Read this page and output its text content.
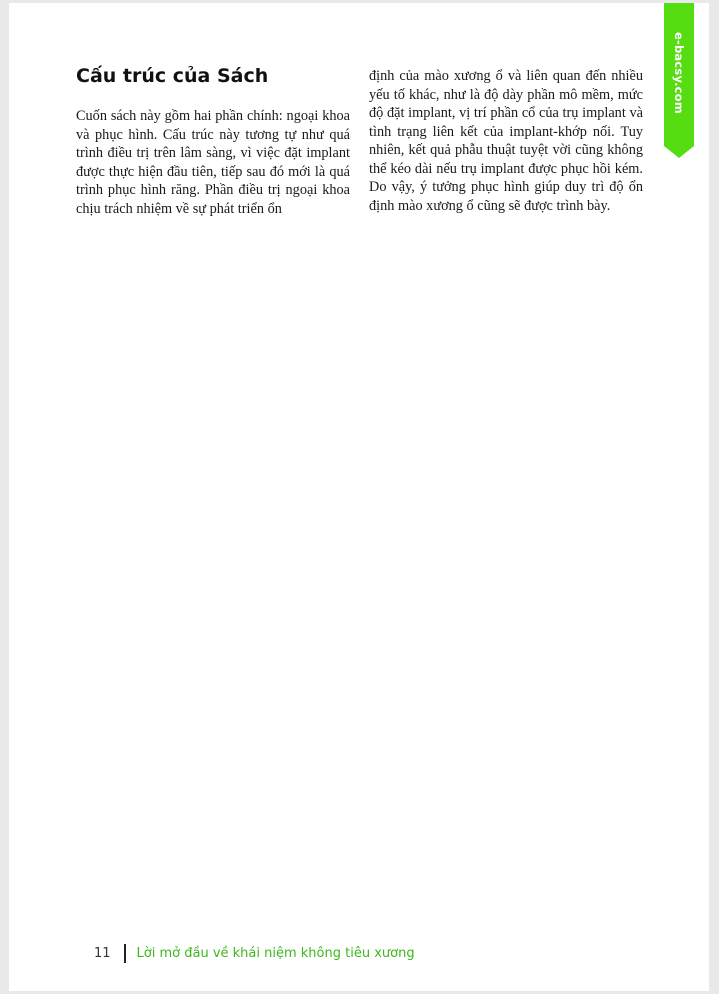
Cấu trúc của Sách

Cuốn sách này gồm hai phần chính: ngoại khoa và phục hình. Cấu trúc này tương tự như quá trình điều trị trên lâm sàng, vì việc đặt implant được thực hiện đầu tiên, tiếp sau đó mới là quá trình phục hình răng. Phần điều trị ngoại khoa chịu trách nhiệm về sự phát triển ổn

định của mào xương ổ và liên quan đến nhiều yếu tố khác, như là độ dày phần mô mềm, mức độ đặt implant, vị trí phần cổ của trụ implant và tình trạng liên kết của implant-khớp nối. Tuy nhiên, kết quả phẫu thuật tuyệt vời cũng không thể kéo dài nếu trụ implant được phục hồi kém. Do vậy, ý tưởng phục hình giúp duy trì độ ổn định mào xương ổ cũng sẽ được trình bày.

e-bacsy.com
11 Lời mở đầu về khái niệm không tiêu xương
